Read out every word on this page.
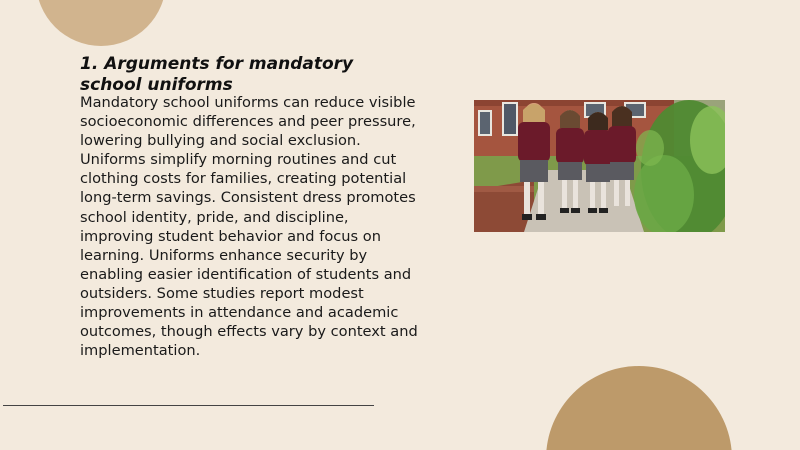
1. Arguments for mandatory school uniforms

Mandatory school uniforms can reduce visible socioeconomic differences and peer pressure, lowering bullying and social exclusion. Uniforms simplify morning routines and cut clothing costs for families, creating potential long-term savings. Consistent dress promotes school identity, pride, and discipline, improving student behavior and focus on learning. Uniforms enhance security by enabling easier identification of students and outsiders. Some studies report modest improvements in attendance and academic outcomes, though effects vary by context and implementation.
